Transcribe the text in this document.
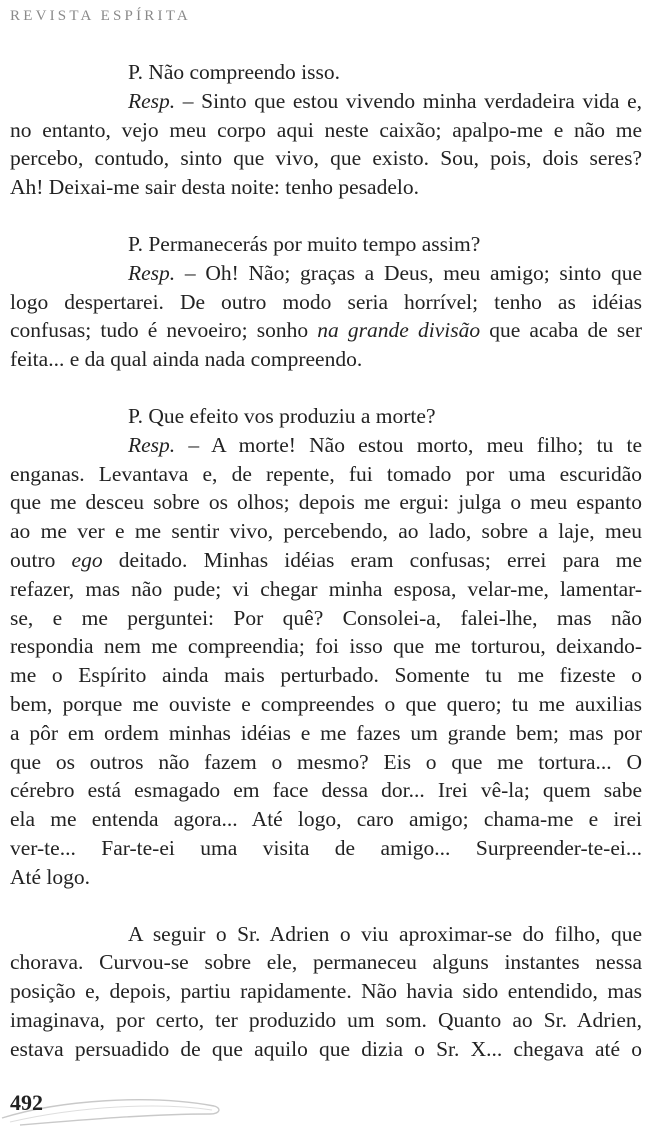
REVISTA ESPÍRITA
P. Não compreendo isso.
Resp. – Sinto que estou vivendo minha verdadeira vida e,
no entanto, vejo meu corpo aqui neste caixão; apalpo-me e não me
percebo, contudo, sinto que vivo, que existo. Sou, pois, dois seres?
Ah! Deixai-me sair desta noite: tenho pesadelo.
P. Permanecerás por muito tempo assim?
Resp. – Oh! Não; graças a Deus, meu amigo; sinto que
logo despertarei. De outro modo seria horrível; tenho as idéias
confusas; tudo é nevoeiro; sonho na grande divisão que acaba de ser
feita... e da qual ainda nada compreendo.
P. Que efeito vos produziu a morte?
Resp. – A morte! Não estou morto, meu filho; tu te
enganas. Levantava e, de repente, fui tomado por uma escuridão
que me desceu sobre os olhos; depois me ergui: julga o meu espanto
ao me ver e me sentir vivo, percebendo, ao lado, sobre a laje, meu
outro ego deitado. Minhas idéias eram confusas; errei para me
refazer, mas não pude; vi chegar minha esposa, velar-me, lamentar-
se, e me perguntei: Por quê? Consolei-a, falei-lhe, mas não
respondia nem me compreendia; foi isso que me torturou, deixando-
me o Espírito ainda mais perturbado. Somente tu me fizeste o
bem, porque me ouviste e compreendes o que quero; tu me auxilias
a pôr em ordem minhas idéias e me fazes um grande bem; mas por
que os outros não fazem o mesmo? Eis o que me tortura... O
cérebro está esmagado em face dessa dor... Irei vê-la; quem sabe
ela me entenda agora... Até logo, caro amigo; chama-me e irei
ver-te... Far-te-ei uma visita de amigo... Surpreender-te-ei...
Até logo.
A seguir o Sr. Adrien o viu aproximar-se do filho, que
chorava. Curvou-se sobre ele, permaneceu alguns instantes nessa
posição e, depois, partiu rapidamente. Não havia sido entendido, mas
imaginava, por certo, ter produzido um som. Quanto ao Sr. Adrien,
estava persuadido de que aquilo que dizia o Sr. X... chegava até o
492
